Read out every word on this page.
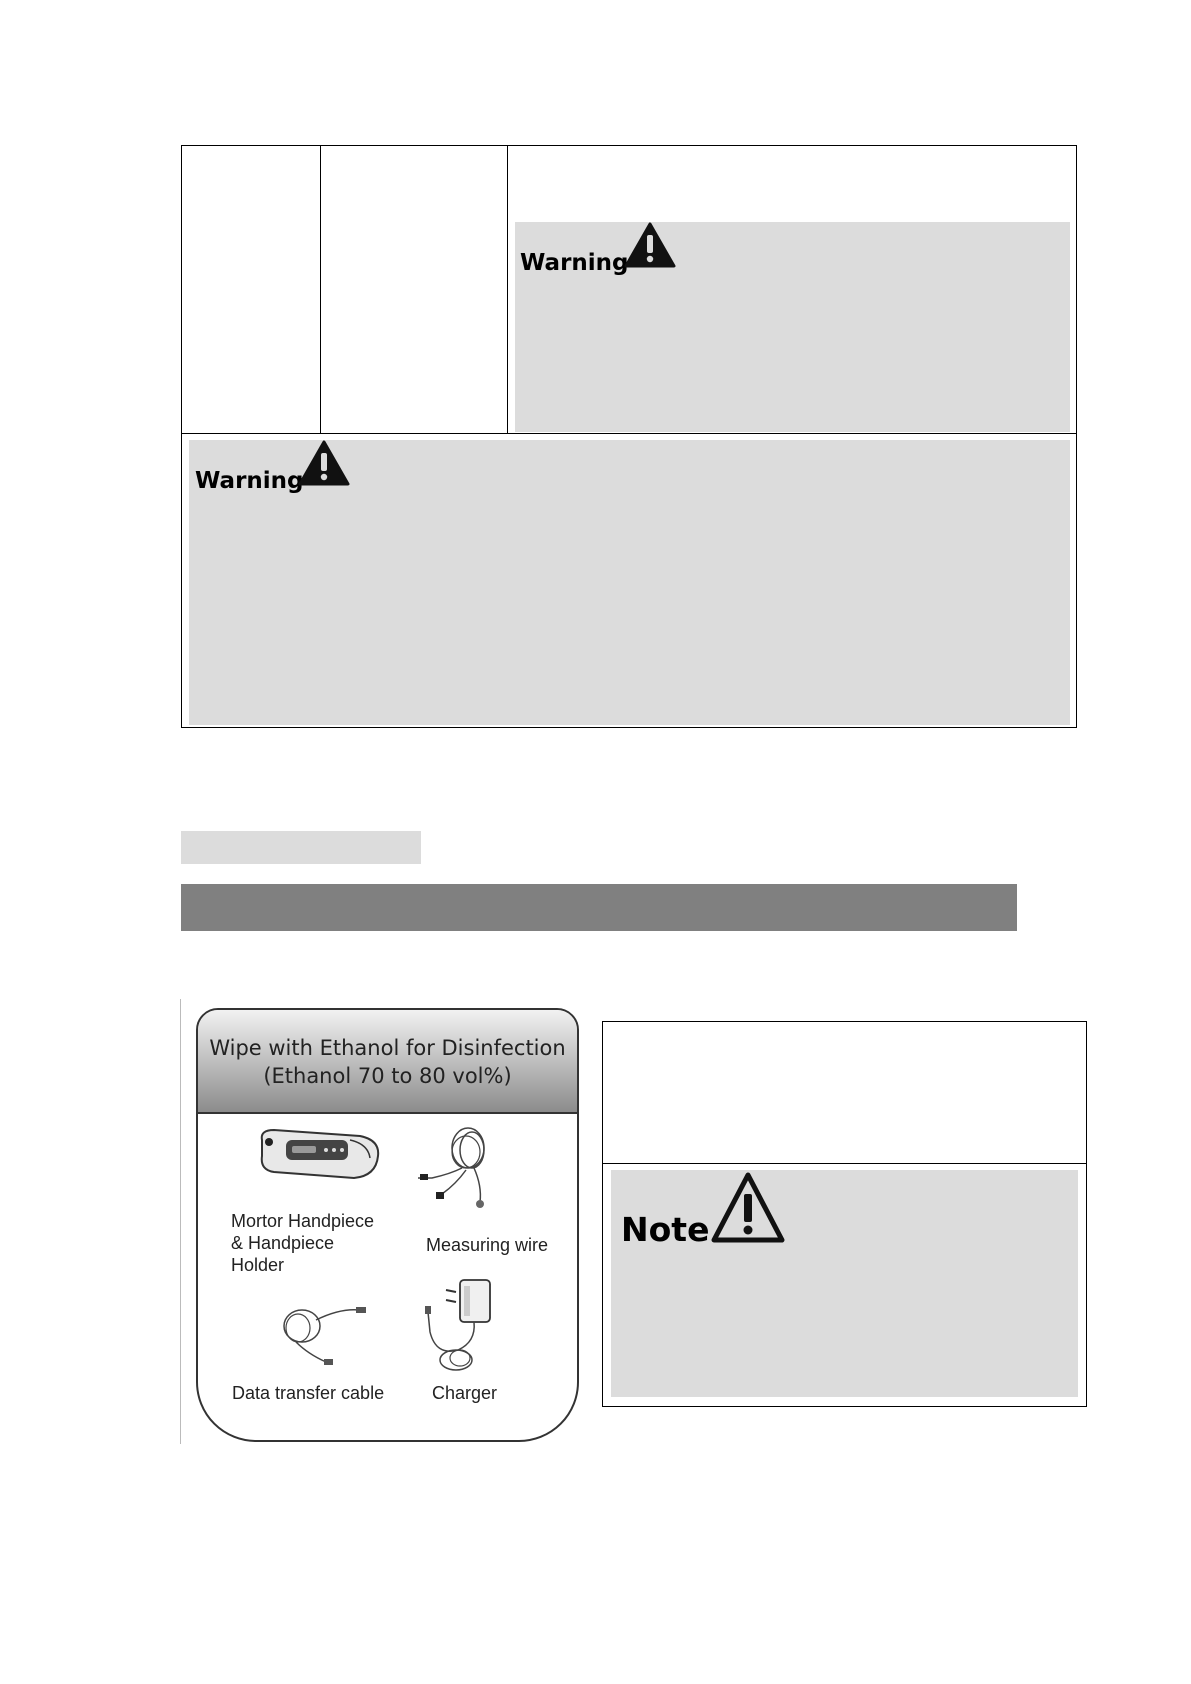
Warning
Warning
Wipe with Ethanol for Disinfection
(Ethanol 70 to 80 vol%)
Mortor Handpiece
& Handpiece
Holder
Measuring wire
Data transfer cable	Charger
Note
